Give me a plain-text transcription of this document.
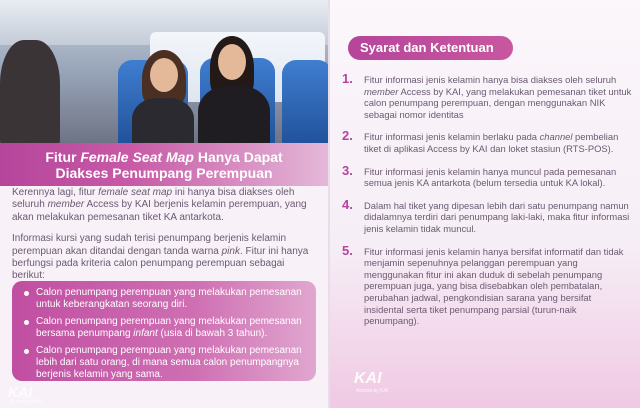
Fitur Female Seat Map Hanya Dapat Diakses Penumpang Perempuan

Kerennya lagi, fitur female seat map ini hanya bisa diakses oleh seluruh member Access by KAI berjenis kelamin perempuan, yang akan melakukan pemesanan tiket KA antarkota.

Informasi kursi yang sudah terisi penumpang berjenis kelamin perempuan akan ditandai dengan tanda warna pink. Fitur ini hanya berfungsi pada kriteria calon penumpang perempuan sebagai berikut:

Calon penumpang perempuan yang melakukan pemesanan untuk keberangkatan seorang diri.
Calon penumpang perempuan yang melakukan pemesanan bersama penumpang infant (usia di bawah 3 tahun).
Calon penumpang perempuan yang melakukan pemesanan lebih dari satu orang, di mana semua calon penumpangnya berjenis kelamin yang sama.
KAI
Access by KAI
Syarat dan Ketentuan
1. Fitur informasi jenis kelamin hanya bisa diakses oleh seluruh member Access by KAI, yang melakukan pemesanan tiket untuk calon penumpang perempuan, dengan menggunakan NIK sebagai nomor identitas
2. Fitur informasi jenis kelamin berlaku pada channel pembelian tiket di aplikasi Access by KAI dan loket stasiun (RTS-POS).
3. Fitur informasi jenis kelamin hanya muncul pada pemesanan semua jenis KA antarkota (belum tersedia untuk KA lokal).
4. Dalam hal tiket yang dipesan lebih dari satu penumpang namun didalamnya terdiri dari penumpang laki-laki, maka fitur informasi jenis kelamin tidak muncul.
5. Fitur informasi jenis kelamin hanya bersifat informatif dan tidak menjamin sepenuhnya pelanggan perempuan yang menggunakan fitur ini akan duduk di sebelah penumpang perempuan juga, yang bisa disebabkan oleh pembatalan, perubahan jadwal, pengkondisian sarana yang bersifat insidental serta tiket penumpang parsial (turun-naik penumpang).
KAI
Access by KAI
